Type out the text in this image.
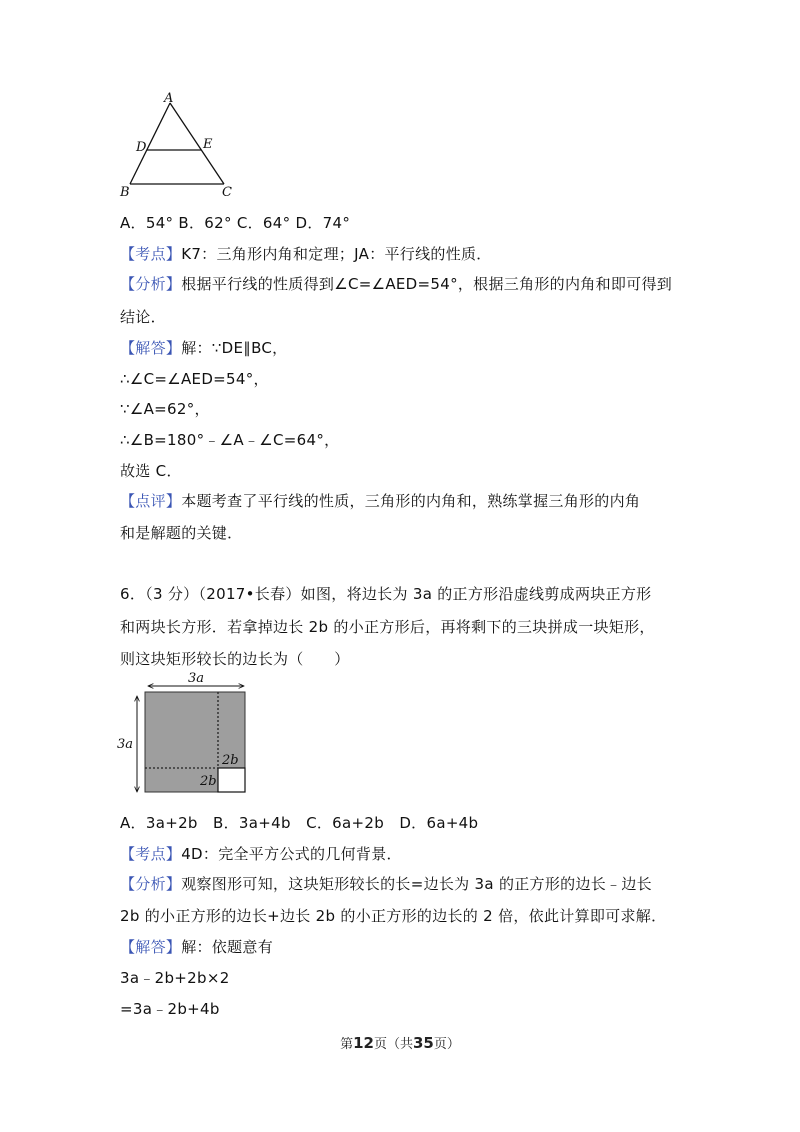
A
D	E
B	C
A．54° B．62° C．64° D．74°
【考点】K7：三角形内角和定理；JA：平行线的性质．
【分析】根据平行线的性质得到∠C=∠AED=54°，根据三角形的内角和即可得到
结论．
【解答】解：∵DE∥BC，
∴∠C=∠AED=54°，
∵∠A=62°，
∴∠B=180°﹣∠A﹣∠C=64°，
故选 C．
【点评】本题考查了平行线的性质，三角形的内角和，熟练掌握三角形的内角
和是解题的关键．
6．（3 分）（2017•长春）如图，将边长为 3a 的正方形沿虚线剪成两块正方形
和两块长方形．若拿掉边长 2b 的小正方形后，再将剩下的三块拼成一块矩形，
则这块矩形较长的边长为（　　）
3a
3a
2b
2b
A．3a+2b　B．3a+4b　C．6a+2b　D．6a+4b
【考点】4D：完全平方公式的几何背景．
【分析】观察图形可知，这块矩形较长的长=边长为 3a 的正方形的边长﹣边长
2b 的小正方形的边长+边长 2b 的小正方形的边长的 2 倍，依此计算即可求解．
【解答】解：依题意有
3a﹣2b+2b×2
=3a﹣2b+4b
第12页（共35页）
